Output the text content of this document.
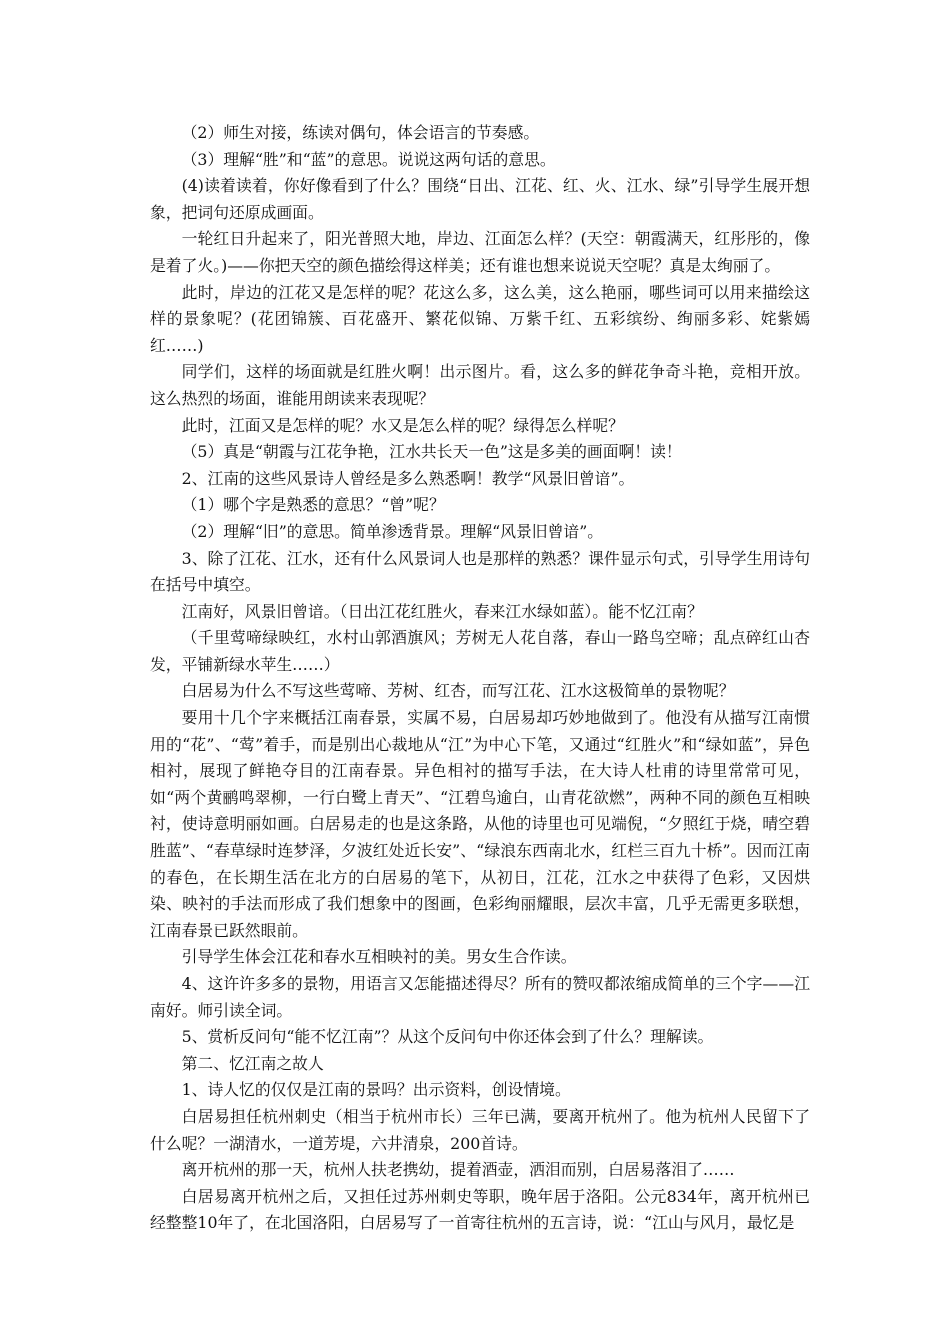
（2）师生对接，练读对偶句，体会语言的节奏感。

（3）理解“胜”和“蓝”的意思。说说这两句话的意思。

(4)读着读着，你好像看到了什么？围绕“日出、江花、红、火、江水、绿”引导学生展开想象，把词句还原成画面。

一轮红日升起来了，阳光普照大地，岸边、江面怎么样？(天空：朝霞满天，红彤彤的，像是着了火。)——你把天空的颜色描绘得这样美；还有谁也想来说说天空呢？真是太绚丽了。

此时，岸边的江花又是怎样的呢？花这么多，这么美，这么艳丽，哪些词可以用来描绘这样的景象呢？(花团锦簇、百花盛开、繁花似锦、万紫千红、五彩缤纷、绚丽多彩、姹紫嫣红……)

同学们，这样的场面就是红胜火啊！出示图片。看，这么多的鲜花争奇斗艳，竞相开放。这么热烈的场面，谁能用朗读来表现呢？

此时，江面又是怎样的呢？水又是怎么样的呢？绿得怎么样呢？

（5）真是“朝霞与江花争艳，江水共长天一色”这是多美的画面啊！读！

2、江南的这些风景诗人曾经是多么熟悉啊！教学“风景旧曾谙”。

（1）哪个字是熟悉的意思？“曾”呢？

（2）理解“旧”的意思。简单渗透背景。理解“风景旧曾谙”。

3、除了江花、江水，还有什么风景词人也是那样的熟悉？课件显示句式，引导学生用诗句在括号中填空。

江南好，风景旧曾谙。（日出江花红胜火，春来江水绿如蓝）。能不忆江南？

（千里莺啼绿映红，水村山郭酒旗风；芳树无人花自落，春山一路鸟空啼；乱点碎红山杏发，平铺新绿水苹生……）

白居易为什么不写这些莺啼、芳树、红杏，而写江花、江水这极简单的景物呢？

要用十几个字来概括江南春景，实属不易，白居易却巧妙地做到了。他没有从描写江南惯用的“花”、“莺”着手，而是别出心裁地从“江”为中心下笔，又通过“红胜火”和“绿如蓝”，异色相衬，展现了鲜艳夺目的江南春景。异色相衬的描写手法，在大诗人杜甫的诗里常常可见，如“两个黄鹂鸣翠柳，一行白鹭上青天”、“江碧鸟逾白，山青花欲燃”，两种不同的颜色互相映衬，使诗意明丽如画。白居易走的也是这条路，从他的诗里也可见端倪，“夕照红于烧，晴空碧胜蓝”、“春草绿时连梦泽，夕波红处近长安”、“绿浪东西南北水，红栏三百九十桥”。因而江南的春色，在长期生活在北方的白居易的笔下，从初日，江花，江水之中获得了色彩，又因烘染、映衬的手法而形成了我们想象中的图画，色彩绚丽耀眼，层次丰富，几乎无需更多联想，江南春景已跃然眼前。

引导学生体会江花和春水互相映衬的美。男女生合作读。

4、这许许多多的景物，用语言又怎能描述得尽？所有的赞叹都浓缩成简单的三个字——江南好。师引读全词。

5、赏析反问句“能不忆江南”？从这个反问句中你还体会到了什么？理解读。

第二、忆江南之故人

1、诗人忆的仅仅是江南的景吗？出示资料，创设情境。

白居易担任杭州刺史（相当于杭州市长）三年已满，要离开杭州了。他为杭州人民留下了什么呢？一湖清水，一道芳堤，六井清泉，200首诗。

离开杭州的那一天，杭州人扶老携幼，提着酒壶，洒泪而别，白居易落泪了……

白居易离开杭州之后，又担任过苏州刺史等职，晚年居于洛阳。公元834年，离开杭州已经整整10年了，在北国洛阳，白居易写了一首寄往杭州的五言诗，说：“江山与风月，最忆是
